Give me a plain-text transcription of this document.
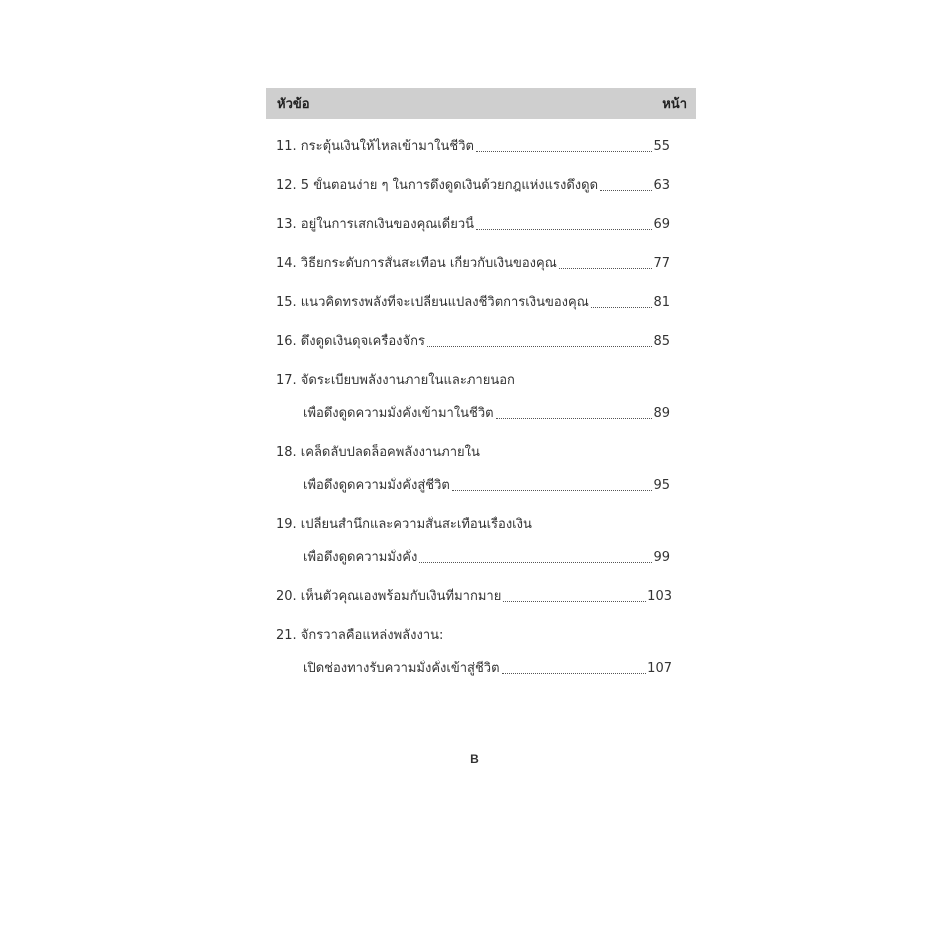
หัวข้อ	หน้า
11. กระตุ้นเงินให้ไหลเข้ามาในชีวิต	55
12. 5 ขั้นตอนง่าย ๆ ในการดึงดูดเงินด้วยกฎแห่งแรงดึงดูด	63
13. อยู่ในการเสกเงินของคุณเดี๋ยวนี้	69
14. วิธียกระดับการสั่นสะเทือน เกี่ยวกับเงินของคุณ	77
15. แนวคิดทรงพลังที่จะเปลี่ยนแปลงชีวิตการเงินของคุณ	81
16. ดึงดูดเงินดุจเครื่องจักร	85
17. จัดระเบียบพลังงานภายในและภายนอก
เพื่อดึงดูดความมั่งคั่งเข้ามาในชีวิต	89
18. เคล็ดลับปลดล็อคพลังงานภายใน
เพื่อดึงดูดความมั่งคั่งสู่ชีวิต	95
19. เปลี่ยนสำนึกและความสั่นสะเทือนเรื่องเงิน
เพื่อดึงดูดความมั่งคั่ง	99
20. เห็นตัวคุณเองพร้อมกับเงินที่มากมาย	103
21. จักรวาลคือแหล่งพลังงาน:
เปิดช่องทางรับความมั่งคั่งเข้าสู่ชีวิต	107
B
